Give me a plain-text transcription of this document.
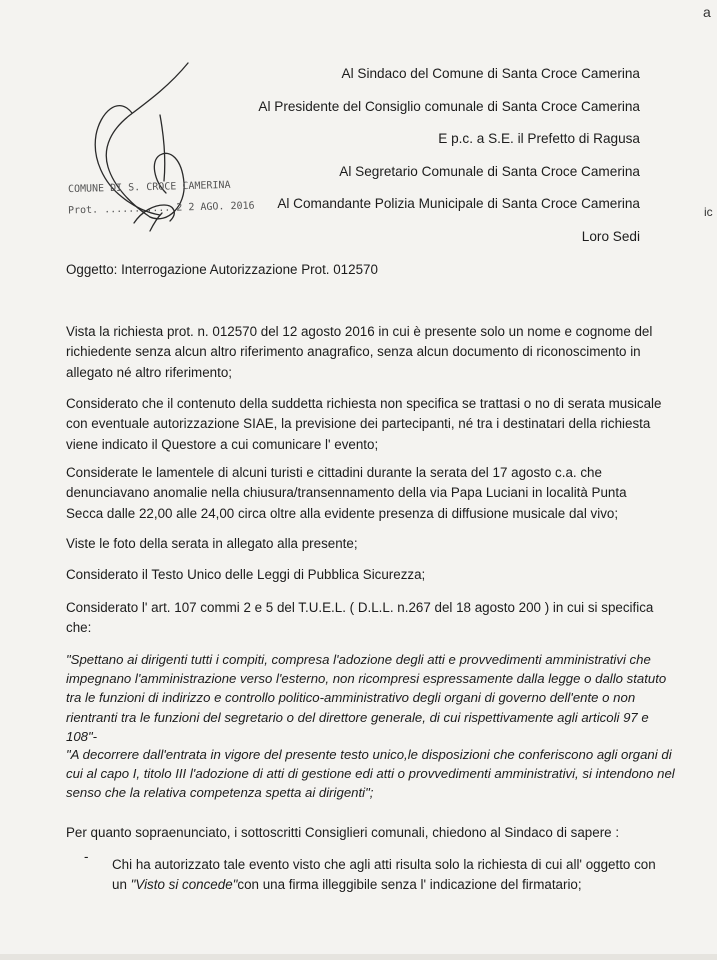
a
ic
COMUNE DI S. CROCE CAMERINA
Prot. ........... 2 2 AGO. 2016
Al Sindaco del Comune di Santa Croce Camerina
Al Presidente del Consiglio comunale di Santa Croce Camerina
E p.c. a S.E. il Prefetto di Ragusa
Al Segretario Comunale di Santa Croce Camerina
Al Comandante Polizia Municipale di Santa Croce Camerina
Loro Sedi
Oggetto: Interrogazione Autorizzazione Prot. 012570
Vista la richiesta prot. n. 012570 del 12 agosto 2016 in cui è presente solo un nome e cognome del richiedente senza alcun altro riferimento anagrafico, senza alcun documento di riconoscimento in allegato né altro riferimento;
Considerato che il contenuto della suddetta richiesta non specifica se trattasi o no di serata musicale con eventuale autorizzazione SIAE, la previsione dei partecipanti, né tra i destinatari della richiesta viene indicato il Questore a cui comunicare l' evento;
Considerate le lamentele di alcuni turisti e cittadini durante la serata del 17 agosto c.a. che denunciavano anomalie nella chiusura/transennamento della via Papa Luciani in località Punta Secca dalle 22,00 alle 24,00 circa oltre alla evidente presenza di diffusione musicale dal vivo;
Viste le foto della serata in allegato alla presente;
Considerato il Testo Unico delle Leggi di Pubblica Sicurezza;
Considerato l' art. 107 commi 2 e 5 del T.U.E.L. ( D.L.L. n.267 del 18 agosto 200 ) in cui si specifica che:
"Spettano ai dirigenti tutti i compiti, compresa l'adozione degli atti e provvedimenti amministrativi che impegnano l'amministrazione verso l'esterno, non ricompresi espressamente dalla legge o dallo statuto tra le funzioni di indirizzo e controllo politico-amministrativo degli organi di governo dell'ente o non rientranti tra le funzioni del segretario o del direttore generale, di cui rispettivamente agli articoli 97 e 108"-
"A decorrere dall'entrata in vigore del presente testo unico,le disposizioni che conferiscono agli organi di cui al capo I, titolo III l'adozione di atti di gestione edi atti o provvedimenti amministrativi, si intendono nel senso che la relativa competenza spetta ai dirigenti";
Per quanto sopraenunciato, i sottoscritti Consiglieri comunali, chiedono al Sindaco di sapere :
-
Chi ha autorizzato tale evento visto che agli atti risulta solo la richiesta di cui all' oggetto con un "Visto si concede"con una firma illeggibile senza l' indicazione del firmatario;
